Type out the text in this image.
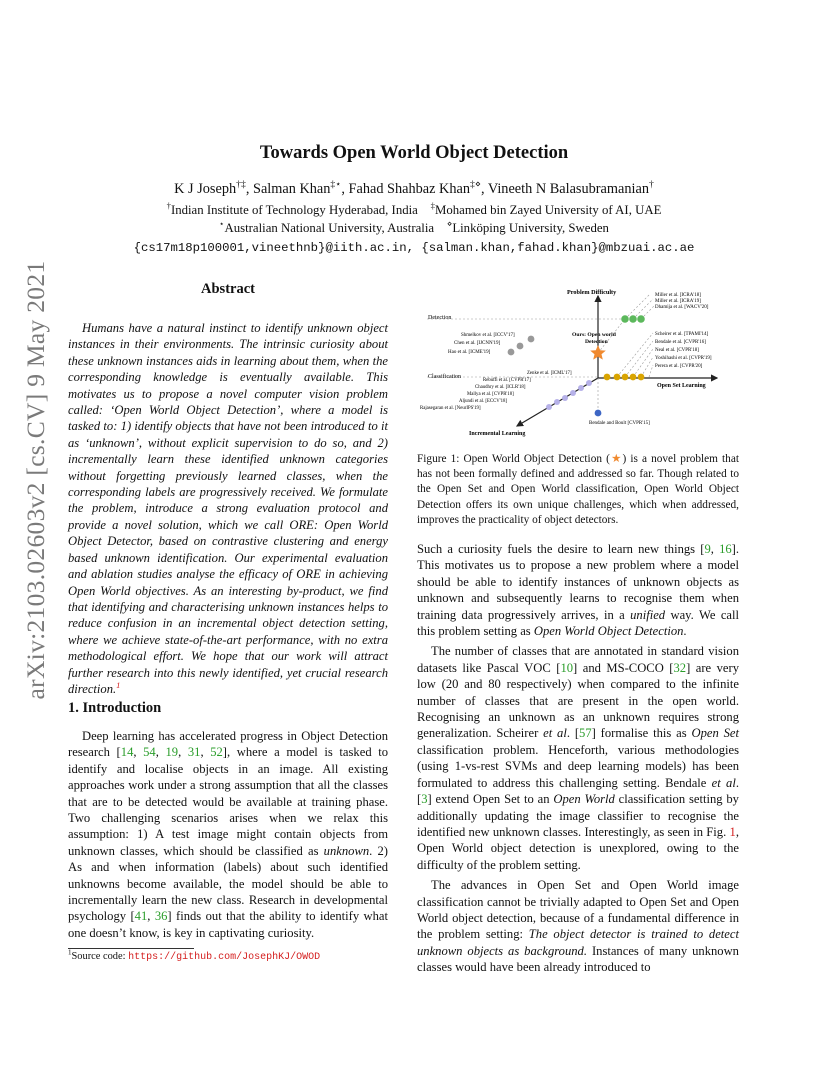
arXiv:2103.02603v2 [cs.CV] 9 May 2021
Towards Open World Object Detection
K J Joseph†‡, Salman Khan‡⋆, Fahad Shahbaz Khan‡⋄, Vineeth N Balasubramanian†
†Indian Institute of Technology Hyderabad, India ‡Mohamed bin Zayed University of AI, UAE
⋆Australian National University, Australia ⋄Linköping University, Sweden
{cs17m18p100001,vineethnb}@iith.ac.in, {salman.khan,fahad.khan}@mbzuai.ac.ae
Abstract

Humans have a natural instinct to identify unknown object instances in their environments. The intrinsic curiosity about these unknown instances aids in learning about them, when the corresponding knowledge is eventually available. This motivates us to propose a novel computer vision problem called: ‘Open World Object Detection’, where a model is tasked to: 1) identify objects that have not been introduced to it as ‘unknown’, without explicit supervision to do so, and 2) incrementally learn these identified unknown categories without forgetting previously learned classes, when the corresponding labels are progressively received. We formulate the problem, introduce a strong evaluation protocol and provide a novel solution, which we call ORE: Open World Object Detector, based on contrastive clustering and energy based unknown identification. Our experimental evaluation and ablation studies analyse the efficacy of ORE in achieving Open World objectives. As an interesting by-product, we find that identifying and characterising unknown instances helps to reduce confusion in an incremental object detection setting, where we achieve state-of-the-art performance, with no extra methodological effort. We hope that our work will attract further research into this newly identified, yet crucial research direction.$^1$

1. Introduction

Deep learning has accelerated progress in Object Detection research [14, 54, 19, 31, 52], where a model is tasked to identify and localise objects in an image. All existing approaches work under a strong assumption that all the classes that are to be detected would be available at training phase. Two challenging scenarios arises when we relax this assumption: 1) A test image might contain objects from unknown classes, which should be classified as unknown. 2) As and when information (labels) about such identified unknowns become available, the model should be able to incrementally learn the new class. Research in developmental psychology [41, 36] finds out that the ability to identify what one doesn’t know, is key in captivating curiosity.

$^1$Source code: https://github.com/JosephKJ/OWOD
Problem Difficulty
Open Set Learning
Incremental Learning
Detection
Classification
Ours: Open world
Detection
Miller et al. [ICRA'18]
Miller et al. [ICRA'19]
Dhamija et al. [WACV'20]
Scheirer et al. [TPAMI'14]
Bendale et al. [CVPR'16]
Neal et al. [CVPR'18]
Yoshihashi et al. [CVPR'19]
Perera et al. [CVPR'20]
Shmelkov et al. [ICCV'17]
Chen et al. [IJCNN'19]
Hao et al. [ICME'19]
Zenke et al. [ICML'17]
Rebuffi et al. [CVPR'17]
Chaudhry et al. [ICLR'18]
Mallya et al. [CVPR'18]
Aljundi et al. [ECCV'18]
Rajasegaran et al. [NeurIPS'19]
Bendale and Boult [CVPR'15]
Figure 1: Open World Object Detection (★) is a novel problem that has not been formally defined and addressed so far. Though related to the Open Set and Open World classification, Open World Object Detection offers its own unique challenges, which when addressed, improves the practicality of object detectors.

Such a curiosity fuels the desire to learn new things [9, 16]. This motivates us to propose a new problem where a model should be able to identify instances of unknown objects as unknown and subsequently learns to recognise them when training data progressively arrives, in a unified way. We call this problem setting as Open World Object Detection.

The number of classes that are annotated in standard vision datasets like Pascal VOC [10] and MS-COCO [32] are very low (20 and 80 respectively) when compared to the infinite number of classes that are present in the open world. Recognising an unknown as an unknown requires strong generalization. Scheirer et al. [57] formalise this as Open Set classification problem. Henceforth, various methodologies (using 1-vs-rest SVMs and deep learning models) has been formulated to address this challenging setting. Bendale et al. [3] extend Open Set to an Open World classification setting by additionally updating the image classifier to recognise the identified new unknown classes. Interestingly, as seen in Fig. 1, Open World object detection is unexplored, owing to the difficulty of the problem setting.

The advances in Open Set and Open World image classification cannot be trivially adapted to Open Set and Open World object detection, because of a fundamental difference in the problem setting: The object detector is trained to detect unknown objects as background. Instances of many unknown classes would have been already introduced to
